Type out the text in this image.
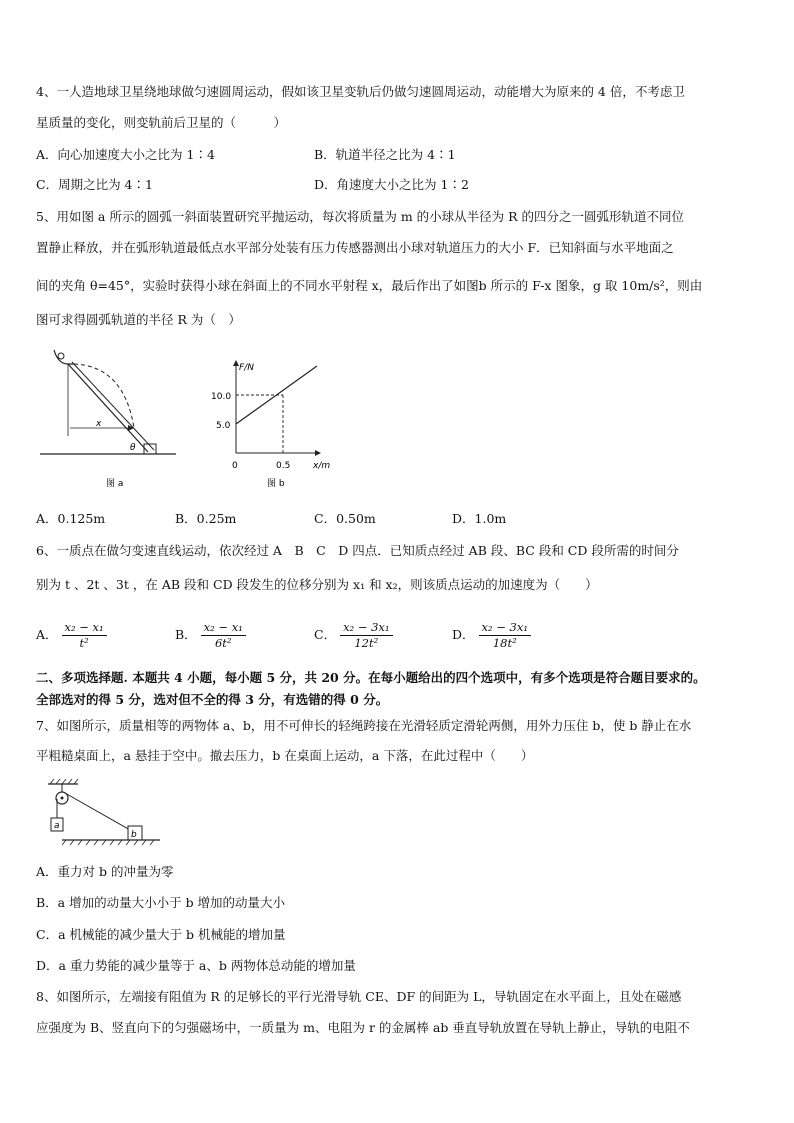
4、一人造地球卫星绕地球做匀速圆周运动，假如该卫星变轨后仍做匀速圆周运动，动能增大为原来的 4 倍，不考虑卫

星质量的变化，则变轨前后卫星的（　　　）

A．向心加速度大小之比为 1∶4	B．轨道半径之比为 4∶1
C．周期之比为 4∶1	D．角速度大小之比为 1∶2

5、用如图 a 所示的圆弧一斜面装置研究平抛运动，每次将质量为 m 的小球从半径为 R 的四分之一圆弧形轨道不同位

置静止释放，并在弧形轨道最低点水平部分处装有压力传感器测出小球对轨道压力的大小 F．已知斜面与水平地面之

间的夹角 θ=45°，实验时获得小球在斜面上的不同水平射程 x，最后作出了如图b 所示的 F-x 图象，g 取 10m/s²，则由

图可求得圆弧轨道的半径 R 为（　）

x
θ
图 a
F/N
10.0
5.0
0	0.5	x/m
图 b
A．0.125m	B．0.25m	C．0.50m	D．1.0m

6、一质点在做匀变速直线运动，依次经过 A　B　C　D 四点．已知质点经过 AB 段、BC 段和 CD 段所需的时间分

别为 t 、2t 、3t ，在 AB 段和 CD 段发生的位移分别为 x₁ 和 x₂，则该质点运动的加速度为（　　）

A． $\frac{\text{x₂ − x₁}}{\text{t²}}$	B． $\frac{\text{x₂ − x₁}}{\text{6t²}}$	C． $\frac{\text{x₂ − 3x₁}}{\text{12t²}}$	D． $\frac{\text{x₂ − 3x₁}}{\text{18t²}}$

二、多项选择题. 本题共 4 小题，每小题 5 分，共 20 分。在每小题给出的四个选项中，有多个选项是符合题目要求的。

全部选对的得 5 分，选对但不全的得 3 分，有选错的得 0 分。

7、如图所示，质量相等的两物体 a、b，用不可伸长的轻绳跨接在光滑轻质定滑轮两侧，用外力压住 b，使 b 静止在水

平粗糙桌面上，a 悬挂于空中。撤去压力，b 在桌面上运动，a 下落，在此过程中（　　）

a
b

A．重力对 b 的冲量为零

B．a 增加的动量大小小于 b 增加的动量大小

C．a 机械能的减少量大于 b 机械能的增加量

D．a 重力势能的减少量等于 a、b 两物体总动能的增加量

8、如图所示，左端接有阻值为 R 的足够长的平行光滑导轨 CE、DF 的间距为 L，导轨固定在水平面上，且处在磁感

应强度为 B、竖直向下的匀强磁场中，一质量为 m、电阻为 r 的金属棒 ab 垂直导轨放置在导轨上静止，导轨的电阻不
